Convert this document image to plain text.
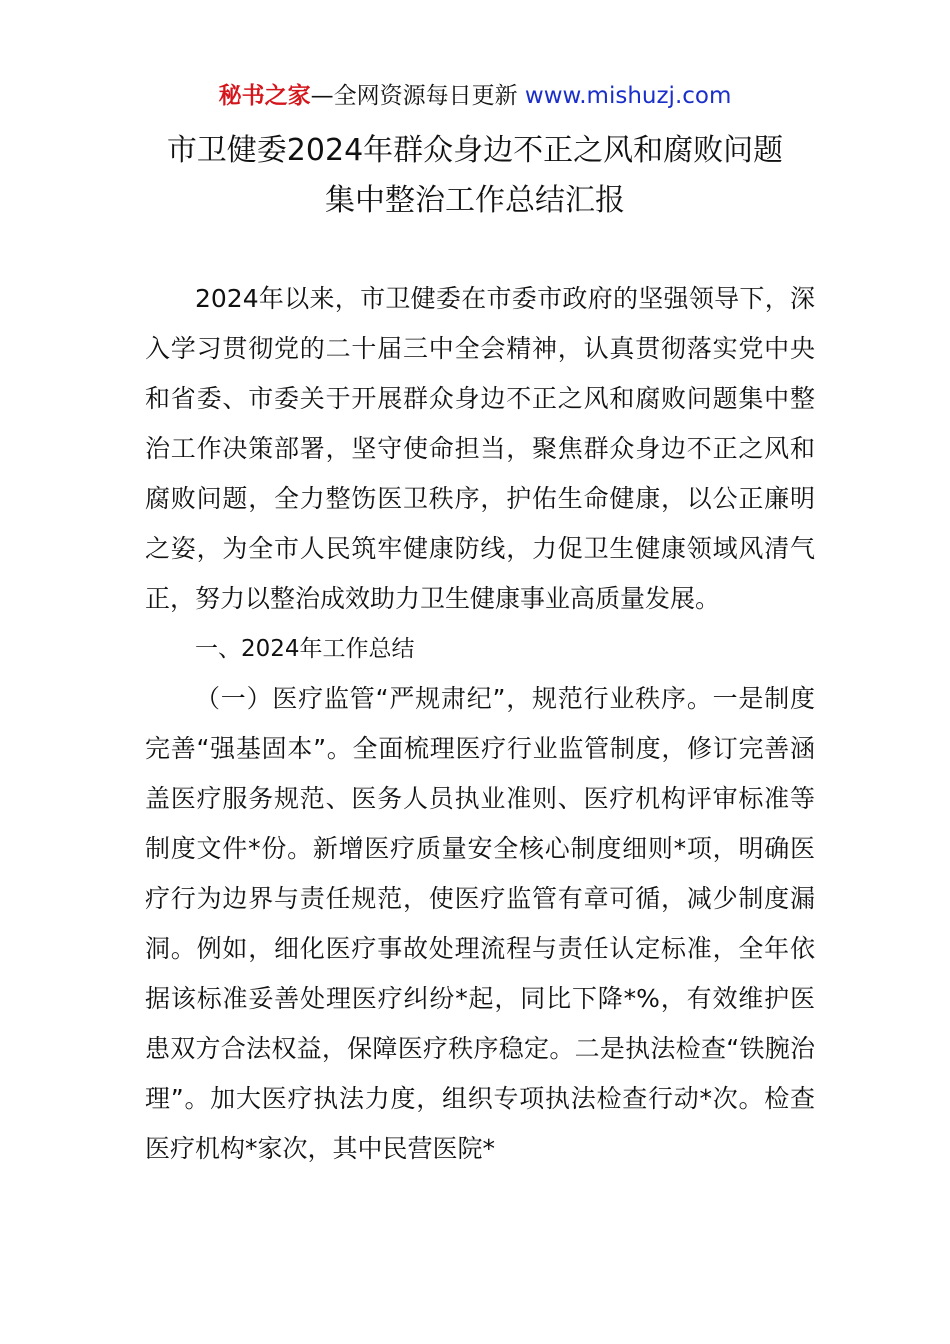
秘书之家—全网资源每日更新 www.mishuzj.com
市卫健委2024年群众身边不正之风和腐败问题
集中整治工作总结汇报

2024年以来，市卫健委在市委市政府的坚强领导下，深入学习贯彻党的二十届三中全会精神，认真贯彻落实党中央和省委、市委关于开展群众身边不正之风和腐败问题集中整治工作决策部署，坚守使命担当，聚焦群众身边不正之风和腐败问题，全力整饬医卫秩序，护佑生命健康，以公正廉明之姿，为全市人民筑牢健康防线，力促卫生健康领域风清气正，努力以整治成效助力卫生健康事业高质量发展。

一、2024年工作总结

（一）医疗监管“严规肃纪”，规范行业秩序。一是制度完善“强基固本”。全面梳理医疗行业监管制度，修订完善涵盖医疗服务规范、医务人员执业准则、医疗机构评审标准等制度文件*份。新增医疗质量安全核心制度细则*项，明确医疗行为边界与责任规范，使医疗监管有章可循，减少制度漏洞。例如，细化医疗事故处理流程与责任认定标准，全年依据该标准妥善处理医疗纠纷*起，同比下降*%，有效维护医患双方合法权益，保障医疗秩序稳定。二是执法检查“铁腕治理”。加大医疗执法力度，组织专项执法检查行动*次。检查医疗机构*家次，其中民营医院*
